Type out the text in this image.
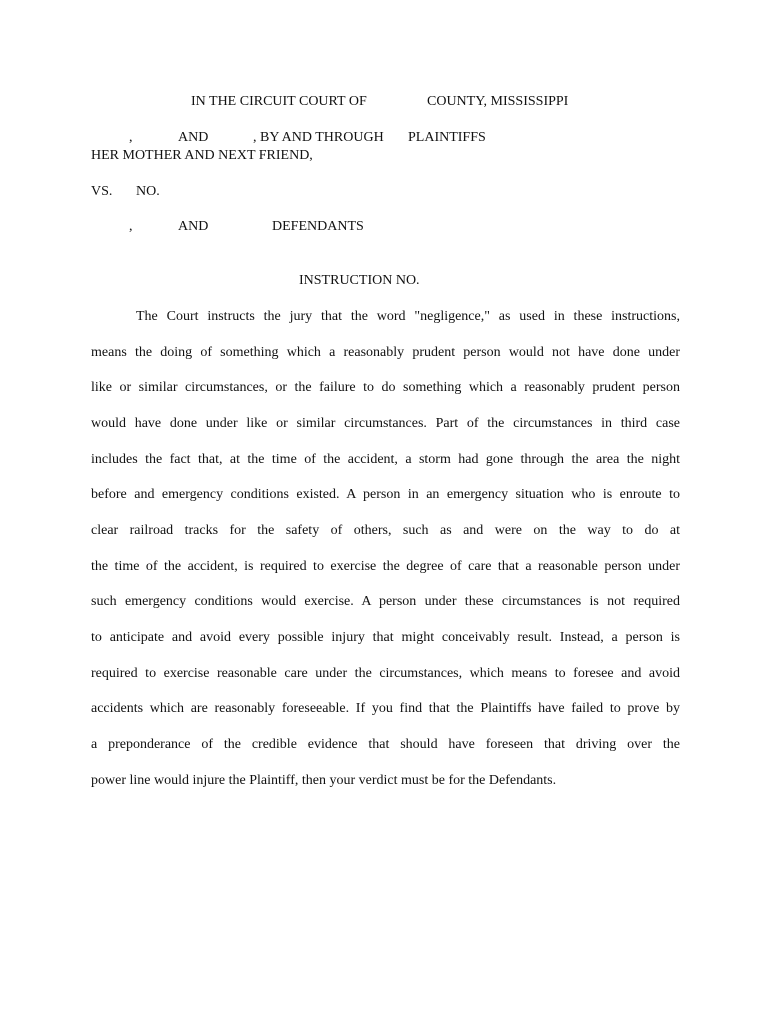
IN THE CIRCUIT COURT OF	COUNTY, MISSISSIPPI

,	AND	, BY AND THROUGH PLAINTIFFS

HER MOTHER AND NEXT FRIEND,

VS. NO.

,	AND	DEFENDANTS

INSTRUCTION NO.

The Court instructs the jury that the word "negligence," as used in these instructions,

means the doing of something which a reasonably prudent person would not have done under

like or similar circumstances, or the failure to do something which a reasonably prudent person

would have done under like or similar circumstances. Part of the circumstances in third case

includes the fact that, at the time of the accident, a storm had gone through the area the night

before and emergency conditions existed. A person in an emergency situation who is enroute to

clear railroad tracks for the safety of others, such as and were on the way to do at

the time of the accident, is required to exercise the degree of care that a reasonable person under

such emergency conditions would exercise. A person under these circumstances is not required

to anticipate and avoid every possible injury that might conceivably result. Instead, a person is

required to exercise reasonable care under the circumstances, which means to foresee and avoid

accidents which are reasonably foreseeable. If you find that the Plaintiffs have failed to prove by

a preponderance of the credible evidence that should have foreseen that driving over the

power line would injure the Plaintiff, then your verdict must be for the Defendants.
